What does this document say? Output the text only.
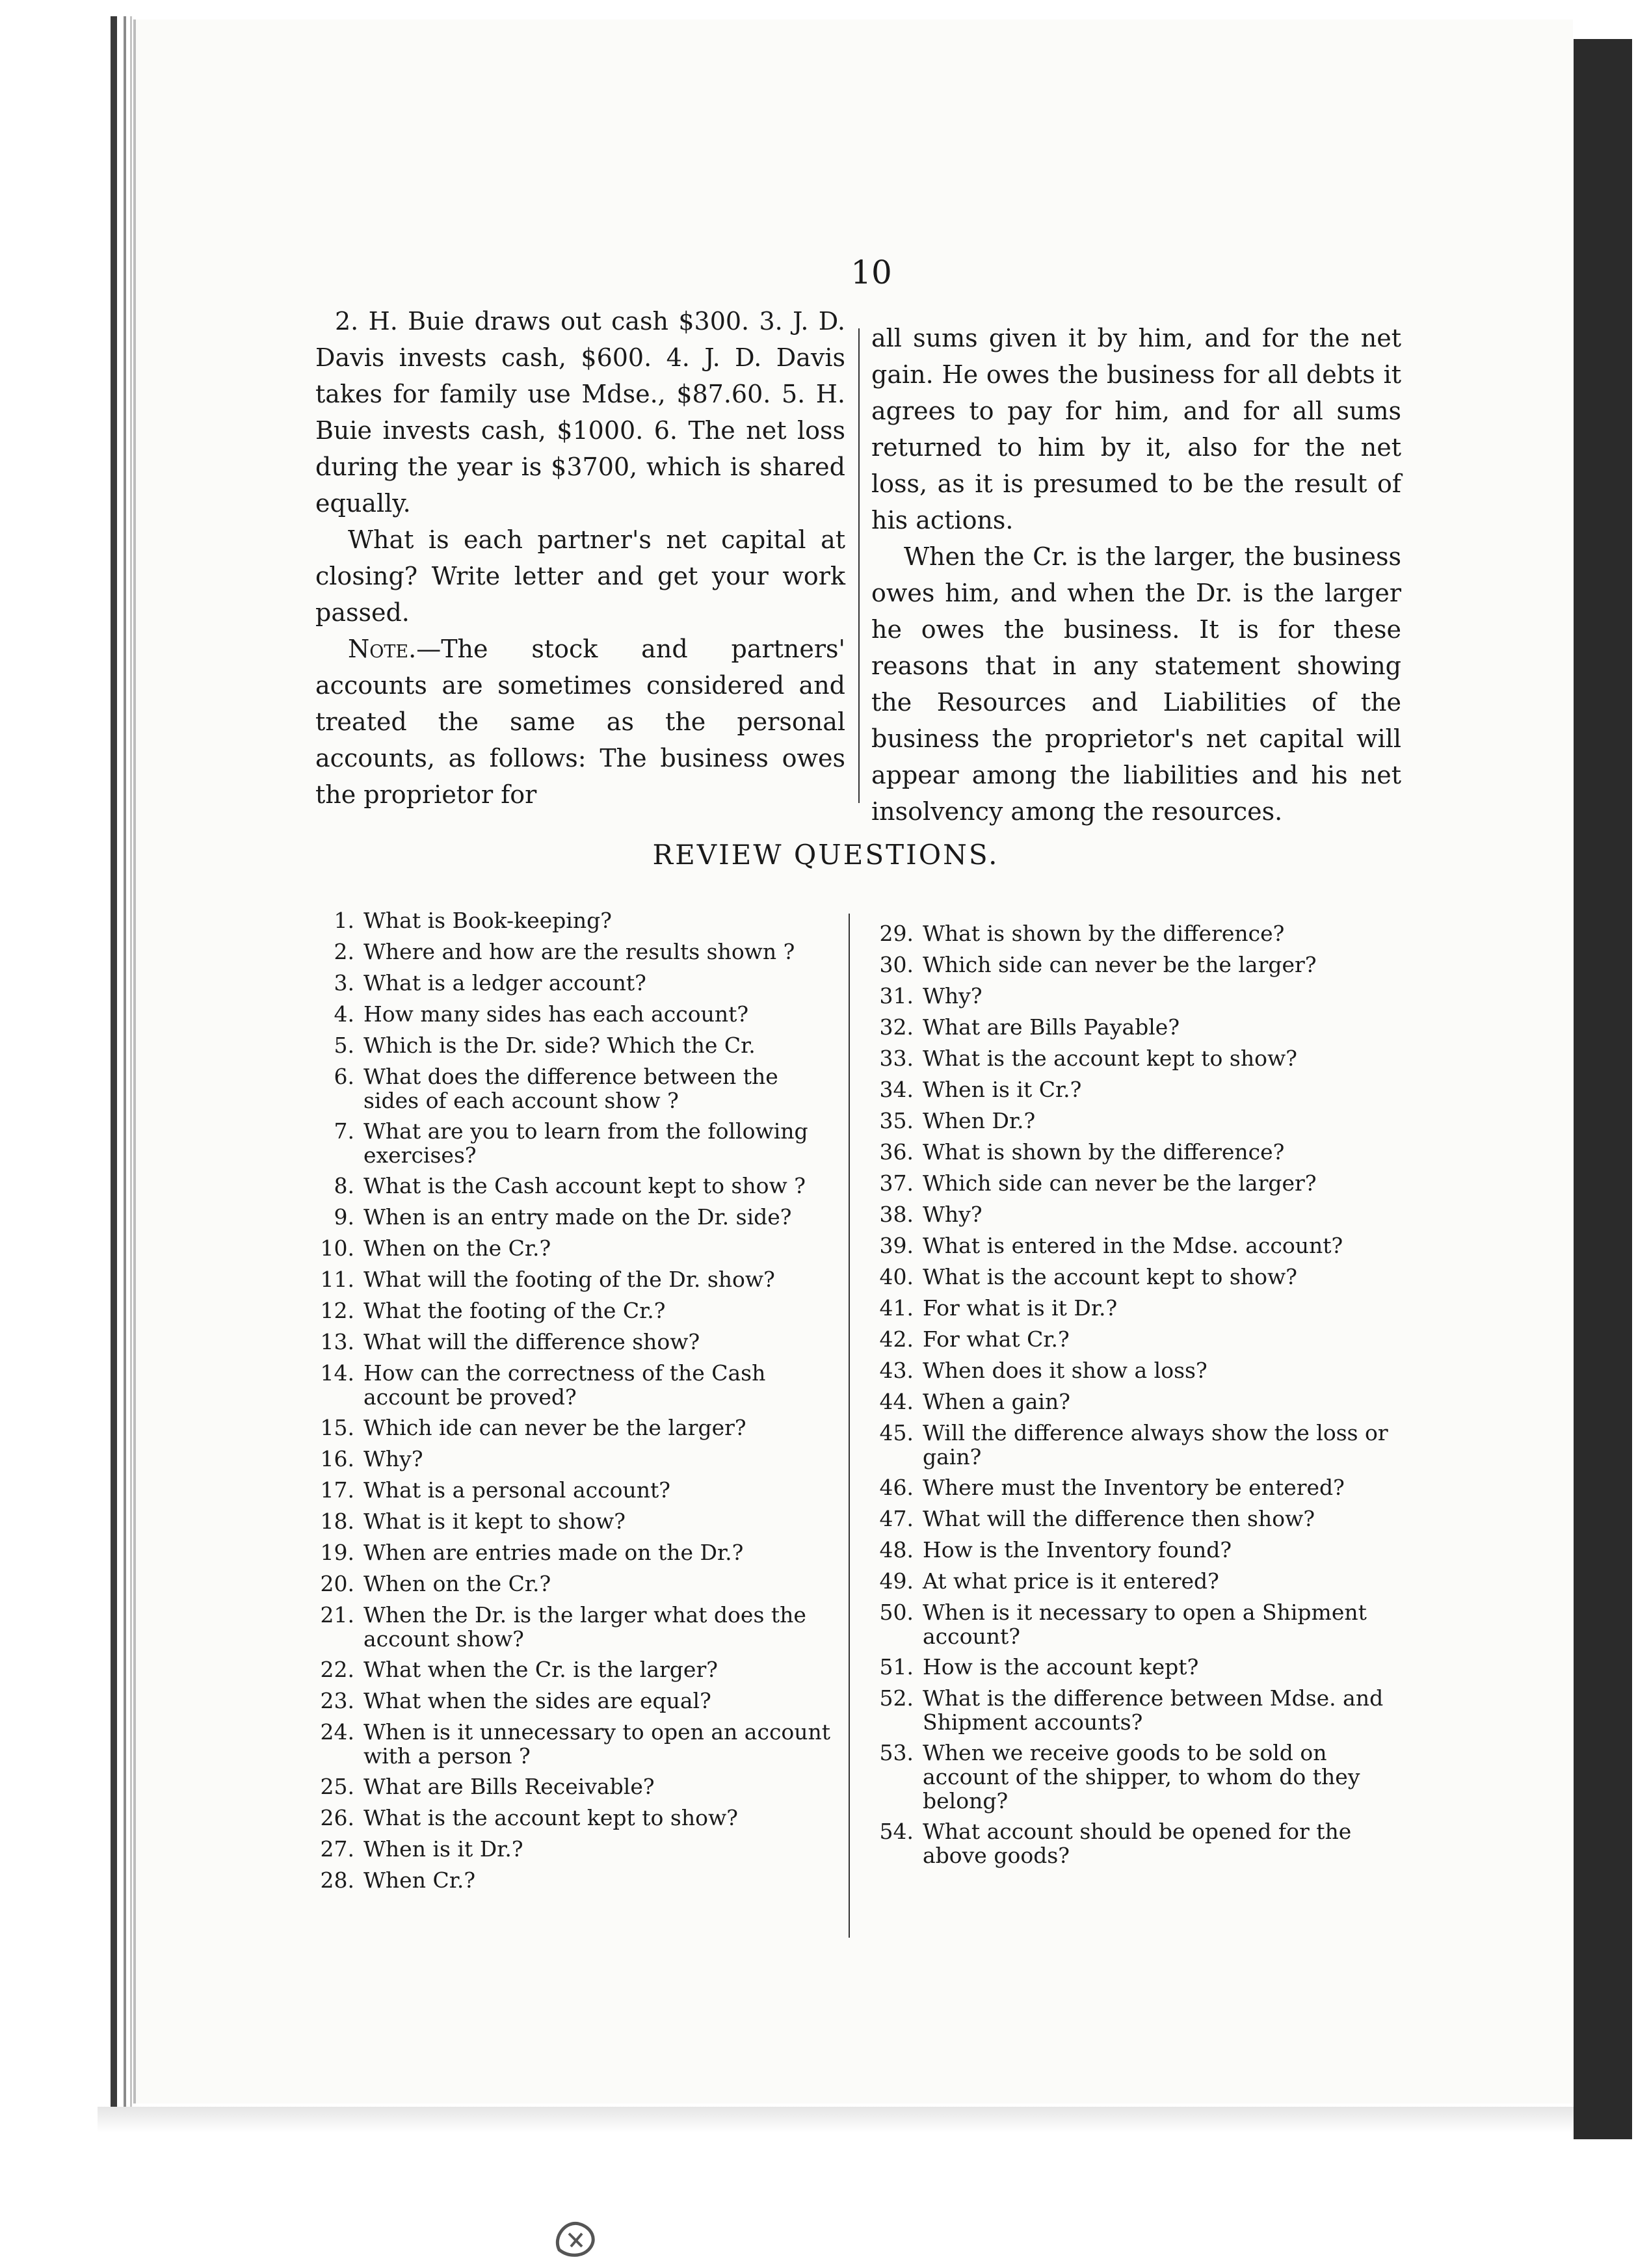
10

2. H. Buie draws out cash $300. 3. J. D. Davis invests cash, $600. 4. J. D. Davis takes for family use Mdse., $87.60. 5. H. Buie invests cash, $1000. 6. The net loss during the year is $3700, which is shared equally.

What is each partner's net capital at closing? Write letter and get your work passed.

Note.—The stock and partners' accounts are sometimes considered and treated the same as the personal accounts, as follows: The business owes the proprietor for

all sums given it by him, and for the net gain. He owes the business for all debts it agrees to pay for him, and for all sums returned to him by it, also for the net loss, as it is presumed to be the result of his actions.

When the Cr. is the larger, the business owes him, and when the Dr. is the larger he owes the business. It is for these reasons that in any statement showing the Resources and Liabilities of the business the proprietor's net capital will appear among the liabilities and his net insolvency among the resources.

REVIEW QUESTIONS.
1. What is Book-keeping?
2. Where and how are the results shown ?
3. What is a ledger account?
4. How many sides has each account?
5. Which is the Dr. side? Which the Cr.
6. What does the difference between the sides of each account show ?
7. What are you to learn from the following exercises?
8. What is the Cash account kept to show ?
9. When is an entry made on the Dr. side?
10. When on the Cr.?
11. What will the footing of the Dr. show?
12. What the footing of the Cr.?
13. What will the difference show?
14. How can the correctness of the Cash account be proved?
15. Which ide can never be the larger?
16. Why?
17. What is a personal account?
18. What is it kept to show?
19. When are entries made on the Dr.?
20. When on the Cr.?
21. When the Dr. is the larger what does the account show?
22. What when the Cr. is the larger?
23. What when the sides are equal?
24. When is it unnecessary to open an account with a person ?
25. What are Bills Receivable?
26. What is the account kept to show?
27. When is it Dr.?
28. When Cr.?
29. What is shown by the difference?
30. Which side can never be the larger?
31. Why?
32. What are Bills Payable?
33. What is the account kept to show?
34. When is it Cr.?
35. When Dr.?
36. What is shown by the difference?
37. Which side can never be the larger?
38. Why?
39. What is entered in the Mdse. account?
40. What is the account kept to show?
41. For what is it Dr.?
42. For what Cr.?
43. When does it show a loss?
44. When a gain?
45. Will the difference always show the loss or gain?
46. Where must the Inventory be entered?
47. What will the difference then show?
48. How is the Inventory found?
49. At what price is it entered?
50. When is it necessary to open a Shipment account?
51. How is the account kept?
52. What is the difference between Mdse. and Shipment accounts?
53. When we receive goods to be sold on account of the shipper, to whom do they belong?
54. What account should be opened for the above goods?
